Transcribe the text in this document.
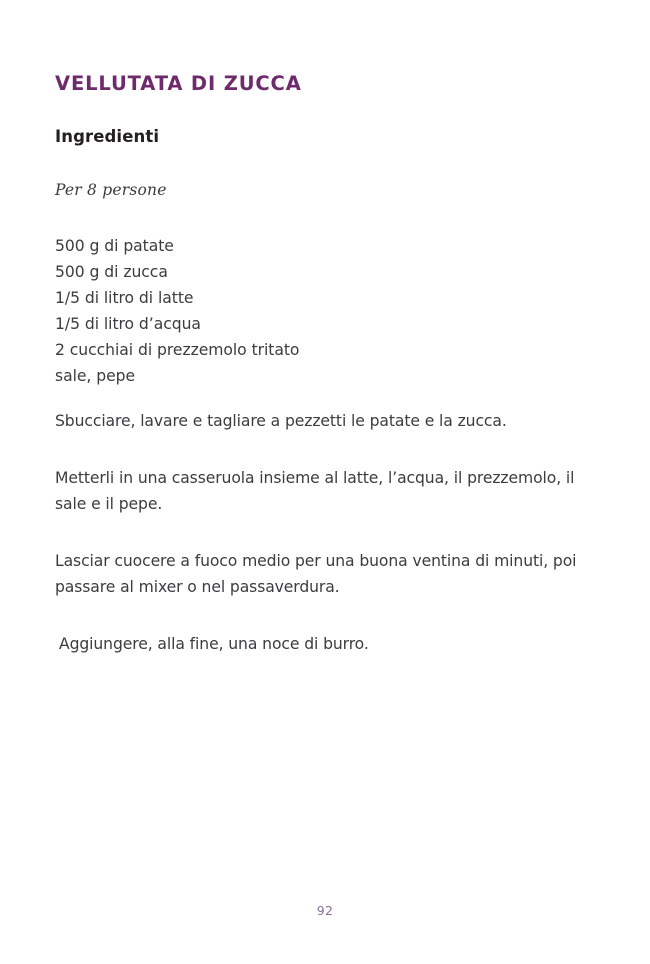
VELLUTATA DI ZUCCA
Ingredienti

Per 8 persone

500 g di patate
500 g di zucca
1/5 di litro di latte
1/5 di litro d’acqua
2 cucchiai di prezzemolo tritato
sale, pepe

Sbucciare, lavare e tagliare a pezzetti le patate e la zucca.

Metterli in una casseruola insieme al latte, l’acqua, il prezzemolo, il sale e il pepe.

Lasciar cuocere a fuoco medio per una buona ventina di minuti, poi passare al mixer o nel passaverdura.

Aggiungere, alla fine, una noce di burro.

92
